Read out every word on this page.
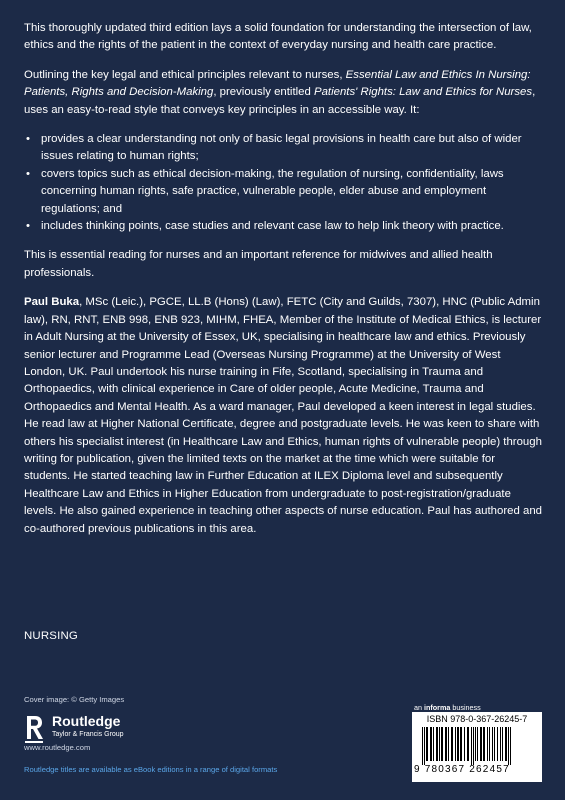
This thoroughly updated third edition lays a solid foundation for understanding the intersection of law, ethics and the rights of the patient in the context of everyday nursing and health care practice.

Outlining the key legal and ethical principles relevant to nurses, Essential Law and Ethics In Nursing: Patients, Rights and Decision-Making, previously entitled Patients' Rights: Law and Ethics for Nurses, uses an easy-to-read style that conveys key principles in an accessible way. It:

• provides a clear understanding not only of basic legal provisions in health care but also of wider issues relating to human rights;
• covers topics such as ethical decision-making, the regulation of nursing, confidentiality, laws concerning human rights, safe practice, vulnerable people, elder abuse and employment regulations; and
• includes thinking points, case studies and relevant case law to help link theory with practice.

This is essential reading for nurses and an important reference for midwives and allied health professionals.

Paul Buka, MSc (Leic.), PGCE, LL.B (Hons) (Law), FETC (City and Guilds, 7307), HNC (Public Admin law), RN, RNT, ENB 998, ENB 923, MIHM, FHEA, Member of the Institute of Medical Ethics, is lecturer in Adult Nursing at the University of Essex, UK, specialising in healthcare law and ethics. Previously senior lecturer and Programme Lead (Overseas Nursing Programme) at the University of West London, UK. Paul undertook his nurse training in Fife, Scotland, specialising in Trauma and Orthopaedics, with clinical experience in Care of older people, Acute Medicine, Trauma and Orthopaedics and Mental Health. As a ward manager, Paul developed a keen interest in legal studies. He read law at Higher National Certificate, degree and postgraduate levels. He was keen to share with others his specialist interest (in Healthcare Law and Ethics, human rights of vulnerable people) through writing for publication, given the limited texts on the market at the time which were suitable for students. He started teaching law in Further Education at ILEX Diploma level and subsequently Healthcare Law and Ethics in Higher Education from undergraduate to post-registration/graduate levels. He also gained experience in teaching other aspects of nurse education. Paul has authored and co-authored previous publications in this area.

NURSING
Cover image: © Getty Images
Routledge
Taylor & Francis Group
www.routledge.com
Routledge titles are available as eBook editions in a range of digital formats
an informa business
ISBN 978-0-367-26245-7
9 780367 262457
